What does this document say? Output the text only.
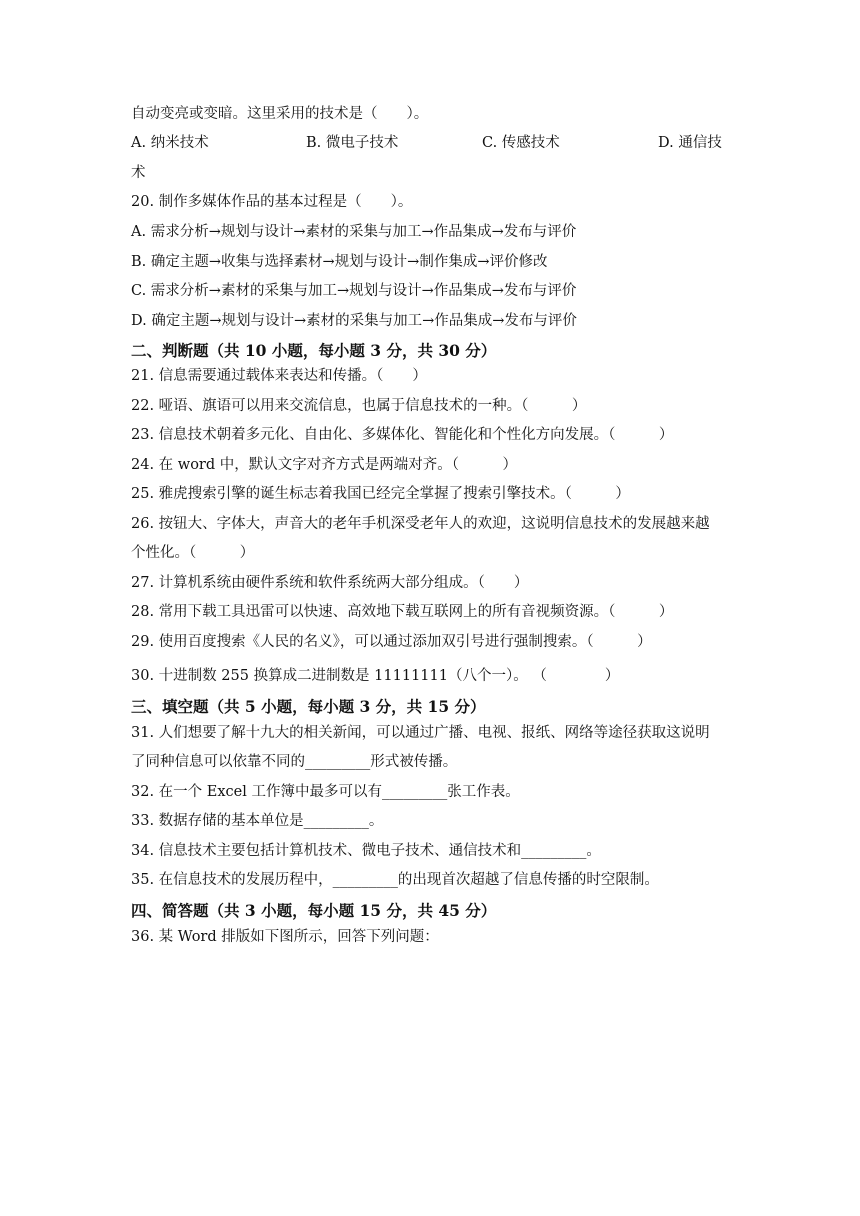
自动变亮或变暗。这里采用的技术是（　　）。
A. 纳米技术	B. 微电子技术	C. 传感技术	D. 通信技
术
20. 制作多媒体作品的基本过程是（　　）。
A. 需求分析→规划与设计→素材的采集与加工→作品集成→发布与评价
B. 确定主题→收集与选择素材→规划与设计→制作集成→评价修改
C. 需求分析→素材的采集与加工→规划与设计→作品集成→发布与评价
D. 确定主题→规划与设计→素材的采集与加工→作品集成→发布与评价
二、判断题（共 10 小题，每小题 3 分，共 30 分）
21. 信息需要通过载体来表达和传播。（　　）
22. 哑语、旗语可以用来交流信息，也属于信息技术的一种。（　　　）
23. 信息技术朝着多元化、自由化、多媒体化、智能化和个性化方向发展。（　　　）
24. 在 word 中，默认文字对齐方式是两端对齐。（　　　）
25. 雅虎搜索引擎的诞生标志着我国已经完全掌握了搜索引擎技术。（　　　）
26. 按钮大、字体大，声音大的老年手机深受老年人的欢迎，这说明信息技术的发展越来越
个性化。（　　　）
27. 计算机系统由硬件系统和软件系统两大部分组成。（　　）
28. 常用下载工具迅雷可以快速、高效地下载互联网上的所有音视频资源。（　　　）
29. 使用百度搜索《人民的名义》，可以通过添加双引号进行强制搜索。（　　　）
30. 十进制数 255 换算成二进制数是 11111111（八个一）。 （　　　　）
三、填空题（共 5 小题，每小题 3 分，共 15 分）
31. 人们想要了解十九大的相关新闻，可以通过广播、电视、报纸、网络等途径获取这说明
了同种信息可以依靠不同的_________形式被传播。
32. 在一个 Excel 工作簿中最多可以有_________张工作表。
33. 数据存储的基本单位是_________。
34. 信息技术主要包括计算机技术、微电子技术、通信技术和_________。
35. 在信息技术的发展历程中，_________的出现首次超越了信息传播的时空限制。
四、简答题（共 3 小题，每小题 15 分，共 45 分）
36. 某 Word 排版如下图所示，回答下列问题：
